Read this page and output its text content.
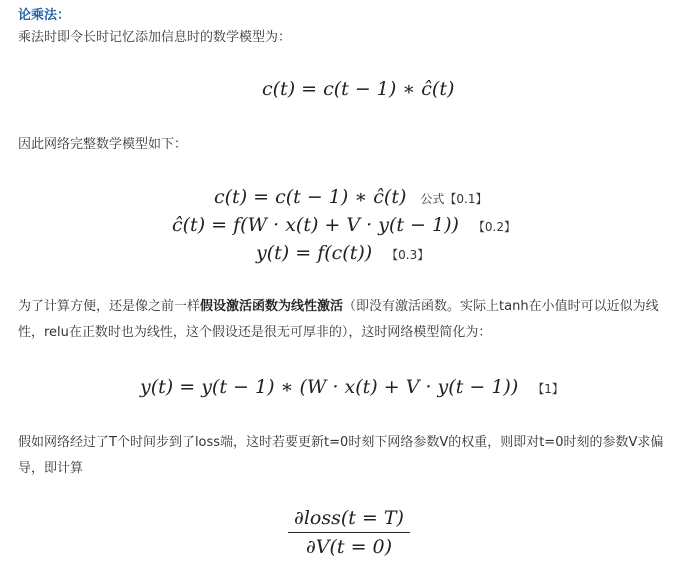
论乘法：
乘法时即令长时记忆添加信息时的数学模型为：
c(t) = c(t − 1) ∗ ĉ(t)
因此网络完整数学模型如下：
c(t) = c(t − 1) ∗ ĉ(t) 公式【0.1】
ĉ(t) = f(W · x(t) + V · y(t − 1)) 【0.2】
y(t) = f(c(t)) 【0.3】
为了计算方便，还是像之前一样假设激活函数为线性激活（即没有激活函数。实际上tanh在小值时可以近似为线性，relu在正数时也为线性，这个假设还是很无可厚非的），这时网络模型简化为：
y(t) = y(t − 1) ∗ (W · x(t) + V · y(t − 1)) 【1】
假如网络经过了T个时间步到了loss端，这时若要更新t=0时刻下网络参数V的权重，则即对t=0时刻的参数V求偏导，即计算
∂loss(t = T)
∂V(t = 0)
